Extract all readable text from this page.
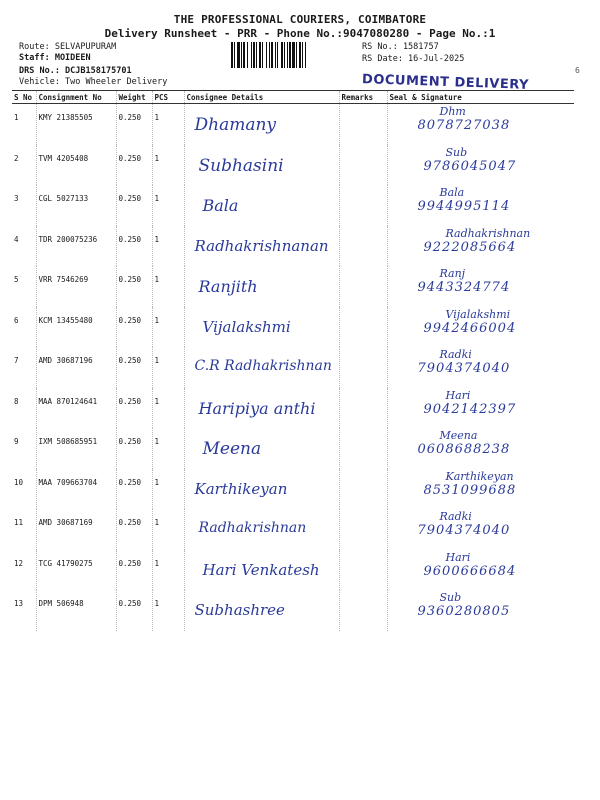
THE PROFESSIONAL COURIERS, COIMBATORE
Delivery Runsheet - PRR - Phone No.:9047080280 - Page No.:1
Route: SELVAPUPURAM
Staff: MOIDEEN
DRS No.: DCJB158175701
Vehicle: Two Wheeler Delivery
RS No.: 1581757
RS Date: 16-Jul-2025
DOCUMENT DELIVERY
6
S No	Consignment No	Weight	PCS	Consignee Details	Remarks	Seal & Signature
1	KMY 21385505	0.250	1	Dhamany		Dhm
8078727038

2	TVM 4205408	0.250	1	Subhasini		Sub
9786045047

3	CGL 5027133	0.250	1	Bala		Bala
9944995114

4	TDR 200075236	0.250	1	Radhakrishnanan		Radhakrishnan
9222085664

5	VRR 7546269	0.250	1	Ranjith		Ranj
9443324774

6	KCM 13455480	0.250	1	Vijalakshmi		Vijalakshmi
9942466004

7	AMD 30687196	0.250	1	C.R Radhakrishnan		Radki
7904374040

8	MAA 870124641	0.250	1	Haripiya anthi		Hari
9042142397

9	IXM 508685951	0.250	1	Meena		Meena
0608688238

10	MAA 709663704	0.250	1	Karthikeyan		Karthikeyan
8531099688

11	AMD 30687169	0.250	1	Radhakrishnan		Radki
7904374040

12	TCG 41790275	0.250	1	Hari Venkatesh		Hari
9600666684

13	DPM 506948	0.250	1	Subhashree		Sub
9360280805
